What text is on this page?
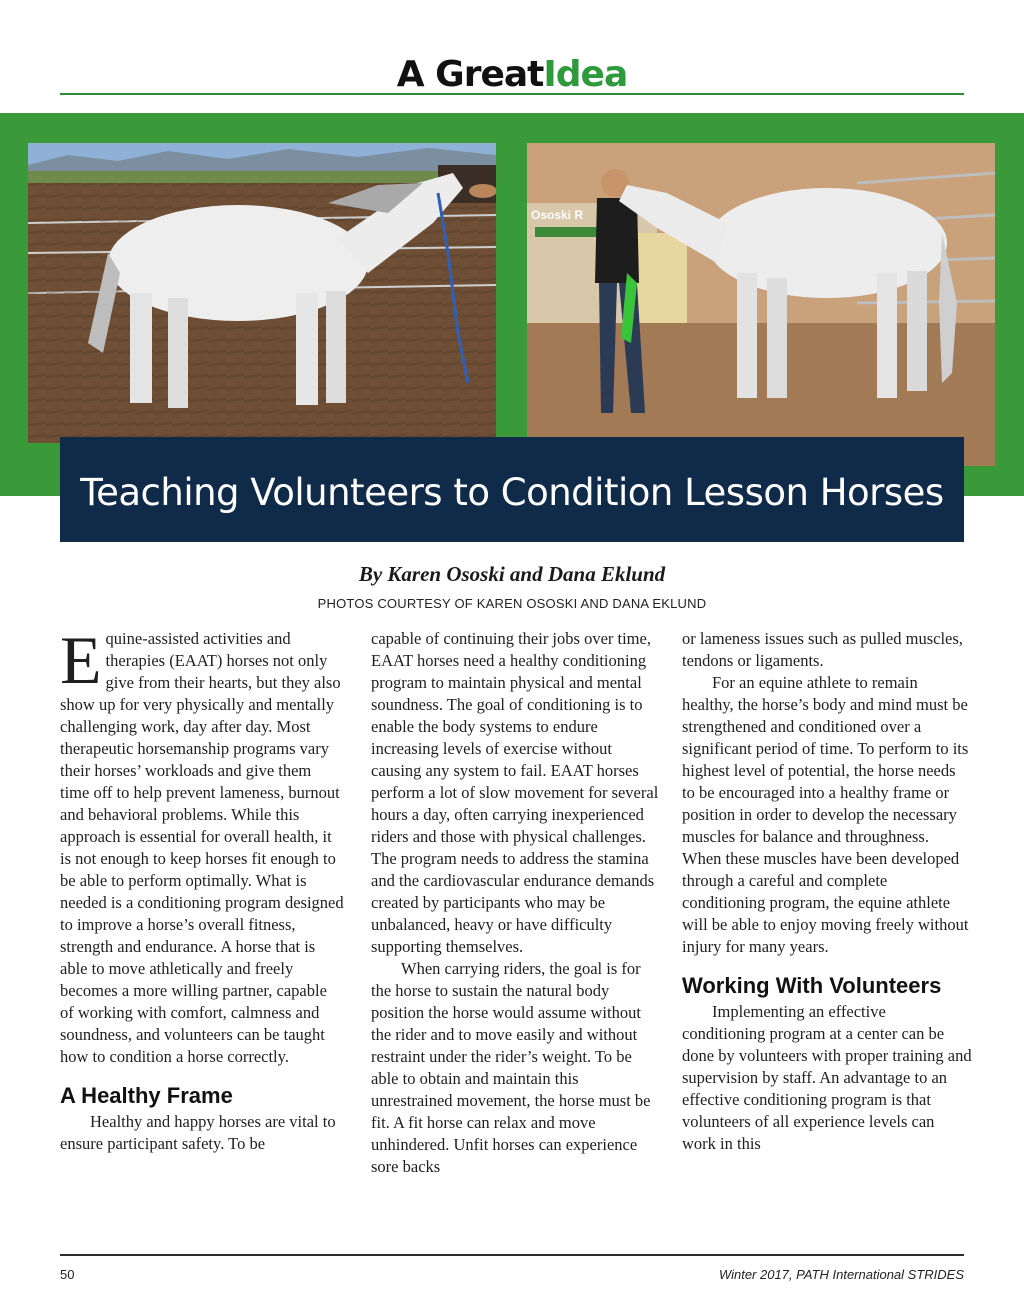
A GreatIdea
Ososki R
Teaching Volunteers to Condition Lesson Horses
By Karen Ososki and Dana Eklund
PHOTOS COURTESY OF KAREN OSOSKI AND DANA EKLUND

Equine-assisted activities and therapies (EAAT) horses not only give from their hearts, but they also show up for very physically and mentally challenging work, day after day. Most therapeutic horsemanship programs vary their horses’ workloads and give them time off to help prevent lameness, burnout and behavioral problems. While this approach is essential for overall health, it is not enough to keep horses fit enough to be able to perform optimally. What is needed is a conditioning program designed to improve a horse’s overall fitness, strength and endurance. A horse that is able to move athletically and freely becomes a more willing partner, capable of working with comfort, calmness and soundness, and volunteers can be taught how to condition a horse correctly.

A Healthy Frame

Healthy and happy horses are vital to ensure participant safety. To be

capable of continuing their jobs over time, EAAT horses need a healthy conditioning program to maintain physical and mental soundness. The goal of conditioning is to enable the body systems to endure increasing levels of exercise without causing any system to fail. EAAT horses perform a lot of slow movement for several hours a day, often carrying inexperienced riders and those with physical challenges. The program needs to address the stamina and the cardiovascular endurance demands created by participants who may be unbalanced, heavy or have difficulty supporting themselves.

When carrying riders, the goal is for the horse to sustain the natural body position the horse would assume without the rider and to move easily and without restraint under the rider’s weight. To be able to obtain and maintain this unrestrained movement, the horse must be fit. A fit horse can relax and move unhindered. Unfit horses can experience sore backs

or lameness issues such as pulled muscles, tendons or ligaments.

For an equine athlete to remain healthy, the horse’s body and mind must be strengthened and conditioned over a significant period of time. To perform to its highest level of potential, the horse needs to be encouraged into a healthy frame or position in order to develop the necessary muscles for balance and throughness. When these muscles have been developed through a careful and complete conditioning program, the equine athlete will be able to enjoy moving freely without injury for many years.

Working With Volunteers

Implementing an effective conditioning program at a center can be done by volunteers with proper training and supervision by staff. An advantage to an effective conditioning program is that volunteers of all experience levels can work in this

50	Winter 2017, PATH International STRIDES
